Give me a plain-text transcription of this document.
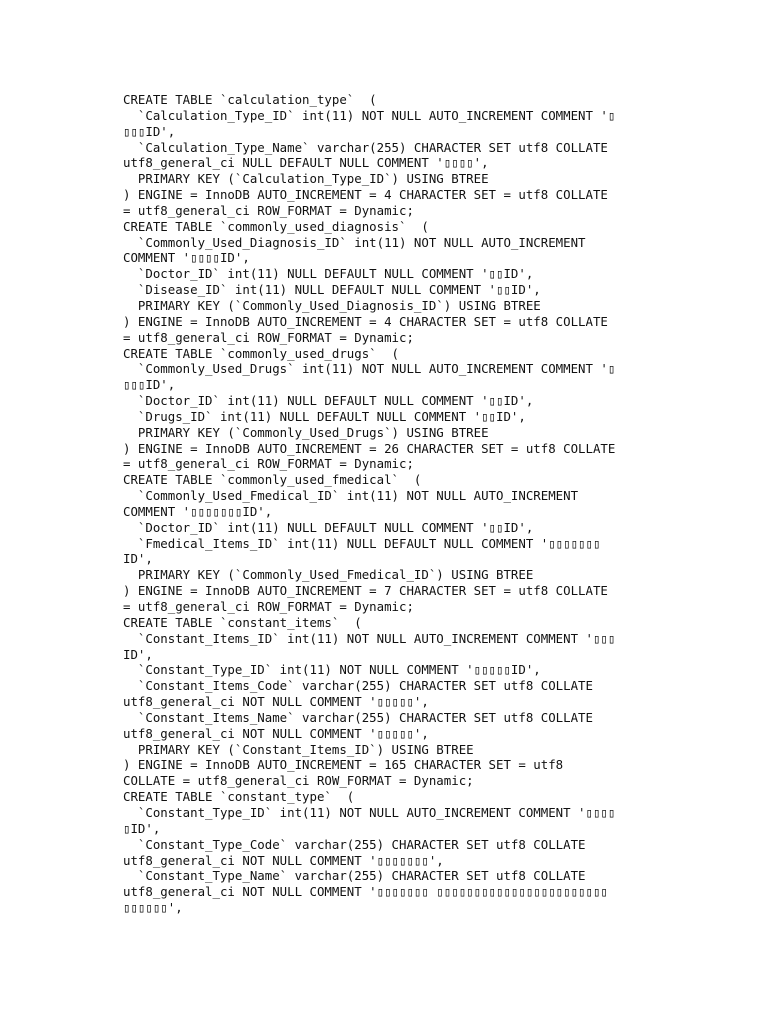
CREATE TABLE `calculation_type`  (
`Calculation_Type_ID` int(11) NOT NULL AUTO_INCREMENT COMMENT '▯
▯▯▯ID',
`Calculation_Type_Name` varchar(255) CHARACTER SET utf8 COLLATE
utf8_general_ci NULL DEFAULT NULL COMMENT '▯▯▯▯',
PRIMARY KEY (`Calculation_Type_ID`) USING BTREE
) ENGINE = InnoDB AUTO_INCREMENT = 4 CHARACTER SET = utf8 COLLATE
= utf8_general_ci ROW_FORMAT = Dynamic;
CREATE TABLE `commonly_used_diagnosis`  (
`Commonly_Used_Diagnosis_ID` int(11) NOT NULL AUTO_INCREMENT
COMMENT '▯▯▯▯ID',
`Doctor_ID` int(11) NULL DEFAULT NULL COMMENT '▯▯ID',
`Disease_ID` int(11) NULL DEFAULT NULL COMMENT '▯▯ID',
PRIMARY KEY (`Commonly_Used_Diagnosis_ID`) USING BTREE
) ENGINE = InnoDB AUTO_INCREMENT = 4 CHARACTER SET = utf8 COLLATE
= utf8_general_ci ROW_FORMAT = Dynamic;
CREATE TABLE `commonly_used_drugs`  (
`Commonly_Used_Drugs` int(11) NOT NULL AUTO_INCREMENT COMMENT '▯
▯▯▯ID',
`Doctor_ID` int(11) NULL DEFAULT NULL COMMENT '▯▯ID',
`Drugs_ID` int(11) NULL DEFAULT NULL COMMENT '▯▯ID',
PRIMARY KEY (`Commonly_Used_Drugs`) USING BTREE
) ENGINE = InnoDB AUTO_INCREMENT = 26 CHARACTER SET = utf8 COLLATE
= utf8_general_ci ROW_FORMAT = Dynamic;
CREATE TABLE `commonly_used_fmedical`  (
`Commonly_Used_Fmedical_ID` int(11) NOT NULL AUTO_INCREMENT
COMMENT '▯▯▯▯▯▯▯ID',
`Doctor_ID` int(11) NULL DEFAULT NULL COMMENT '▯▯ID',
`Fmedical_Items_ID` int(11) NULL DEFAULT NULL COMMENT '▯▯▯▯▯▯▯
ID',
PRIMARY KEY (`Commonly_Used_Fmedical_ID`) USING BTREE
) ENGINE = InnoDB AUTO_INCREMENT = 7 CHARACTER SET = utf8 COLLATE
= utf8_general_ci ROW_FORMAT = Dynamic;
CREATE TABLE `constant_items`  (
`Constant_Items_ID` int(11) NOT NULL AUTO_INCREMENT COMMENT '▯▯▯
ID',
`Constant_Type_ID` int(11) NOT NULL COMMENT '▯▯▯▯▯ID',
`Constant_Items_Code` varchar(255) CHARACTER SET utf8 COLLATE
utf8_general_ci NOT NULL COMMENT '▯▯▯▯▯',
`Constant_Items_Name` varchar(255) CHARACTER SET utf8 COLLATE
utf8_general_ci NOT NULL COMMENT '▯▯▯▯▯',
PRIMARY KEY (`Constant_Items_ID`) USING BTREE
) ENGINE = InnoDB AUTO_INCREMENT = 165 CHARACTER SET = utf8
COLLATE = utf8_general_ci ROW_FORMAT = Dynamic;
CREATE TABLE `constant_type`  (
`Constant_Type_ID` int(11) NOT NULL AUTO_INCREMENT COMMENT '▯▯▯▯
▯ID',
`Constant_Type_Code` varchar(255) CHARACTER SET utf8 COLLATE
utf8_general_ci NOT NULL COMMENT '▯▯▯▯▯▯▯',
`Constant_Type_Name` varchar(255) CHARACTER SET utf8 COLLATE
utf8_general_ci NOT NULL COMMENT '▯▯▯▯▯▯▯ ▯▯▯▯▯▯▯▯▯▯▯▯▯▯▯▯▯▯▯▯▯▯▯
▯▯▯▯▯▯',
